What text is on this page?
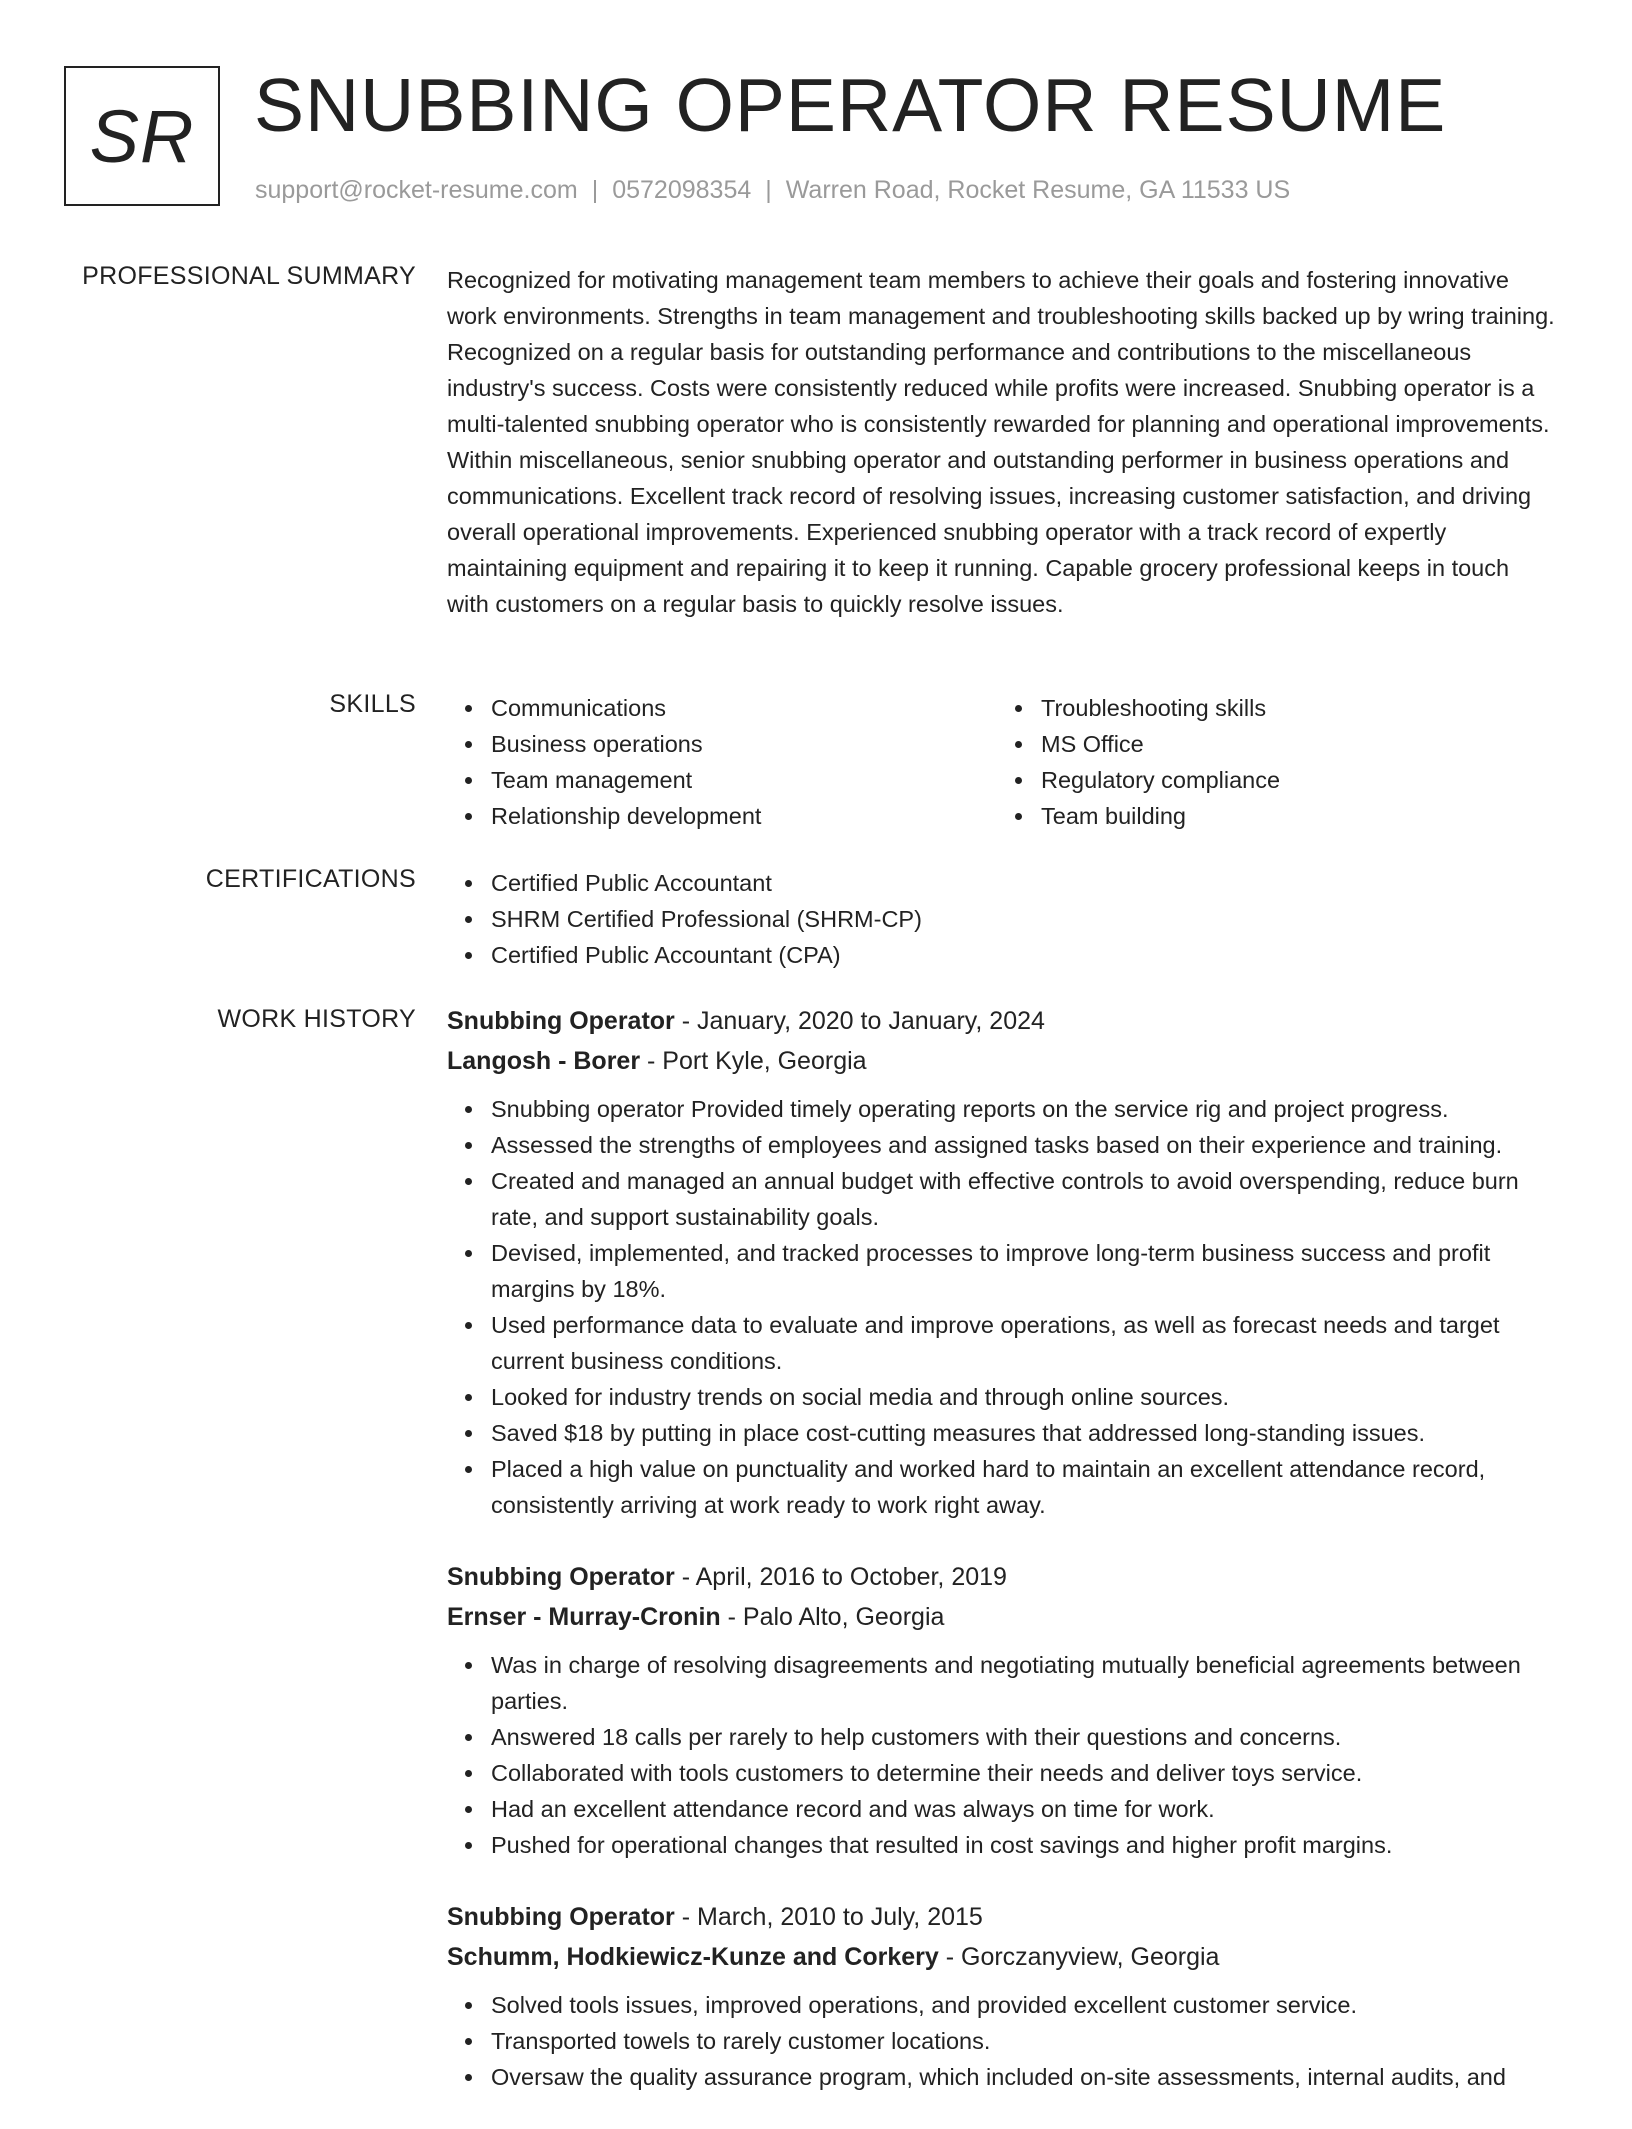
SR SNUBBING OPERATOR RESUME
support@rocket-resume.com | 0572098354 | Warren Road, Rocket Resume, GA 11533 US
PROFESSIONAL SUMMARY Recognized for motivating management team members to achieve their goals and fostering innovative work environments. Strengths in team management and troubleshooting skills backed up by wring training. Recognized on a regular basis for outstanding performance and contributions to the miscellaneous industry's success. Costs were consistently reduced while profits were increased. Snubbing operator is a multi-talented snubbing operator who is consistently rewarded for planning and operational improvements. Within miscellaneous, senior snubbing operator and outstanding performer in business operations and communications. Excellent track record of resolving issues, increasing customer satisfaction, and driving overall operational improvements. Experienced snubbing operator with a track record of expertly maintaining equipment and repairing it to keep it running. Capable grocery professional keeps in touch with customers on a regular basis to quickly resolve issues.

SKILLS	Communications
Business operations
Team management
Relationship development
Troubleshooting skills
MS Office
Regulatory compliance
Team building
CERTIFICATIONS	Certified Public Accountant
SHRM Certified Professional (SHRM-CP)
Certified Public Accountant (CPA)
WORK HISTORY Snubbing Operator - January, 2020 to January, 2024
Langosh - Borer - Port Kyle, Georgia
Snubbing operator Provided timely operating reports on the service rig and project progress.
Assessed the strengths of employees and assigned tasks based on their experience and training.
Created and managed an annual budget with effective controls to avoid overspending, reduce burn rate, and support sustainability goals.
Devised, implemented, and tracked processes to improve long-term business success and profit margins by 18%.
Used performance data to evaluate and improve operations, as well as forecast needs and target current business conditions.
Looked for industry trends on social media and through online sources.
Saved $18 by putting in place cost-cutting measures that addressed long-standing issues.
Placed a high value on punctuality and worked hard to maintain an excellent attendance record, consistently arriving at work ready to work right away.
Snubbing Operator - April, 2016 to October, 2019
Ernser - Murray-Cronin - Palo Alto, Georgia
Was in charge of resolving disagreements and negotiating mutually beneficial agreements between parties.
Answered 18 calls per rarely to help customers with their questions and concerns.
Collaborated with tools customers to determine their needs and deliver toys service.
Had an excellent attendance record and was always on time for work.
Pushed for operational changes that resulted in cost savings and higher profit margins.
Snubbing Operator - March, 2010 to July, 2015
Schumm, Hodkiewicz-Kunze and Corkery - Gorczanyview, Georgia
Solved tools issues, improved operations, and provided excellent customer service.
Transported towels to rarely customer locations.
Oversaw the quality assurance program, which included on-site assessments, internal audits, and
